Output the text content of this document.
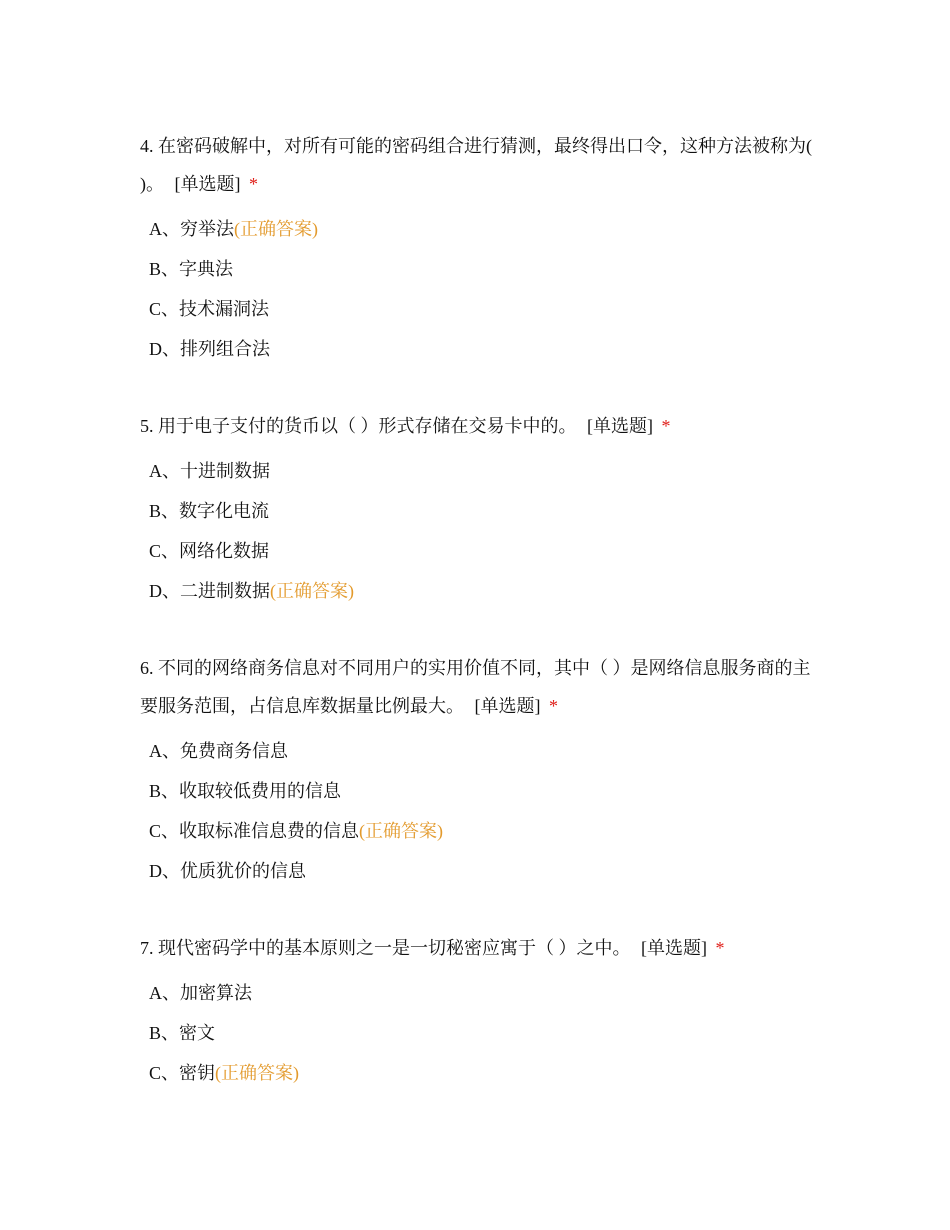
4. 在密码破解中，对所有可能的密码组合进行猜测，最终得出口令，这种方法被称为( )。 [单选题] *

A、穷举法(正确答案)
B、字典法
C、技术漏洞法
D、排列组合法

5. 用于电子支付的货币以（ ）形式存储在交易卡中的。 [单选题] *

A、十进制数据
B、数字化电流
C、网络化数据
D、二进制数据(正确答案)

6. 不同的网络商务信息对不同用户的实用价值不同，其中（ ）是网络信息服务商的主要服务范围，占信息库数据量比例最大。 [单选题] *

A、免费商务信息
B、收取较低费用的信息
C、收取标准信息费的信息(正确答案)
D、优质犹价的信息

7. 现代密码学中的基本原则之一是一切秘密应寓于（ ）之中。 [单选题] *

A、加密算法
B、密文
C、密钥(正确答案)
